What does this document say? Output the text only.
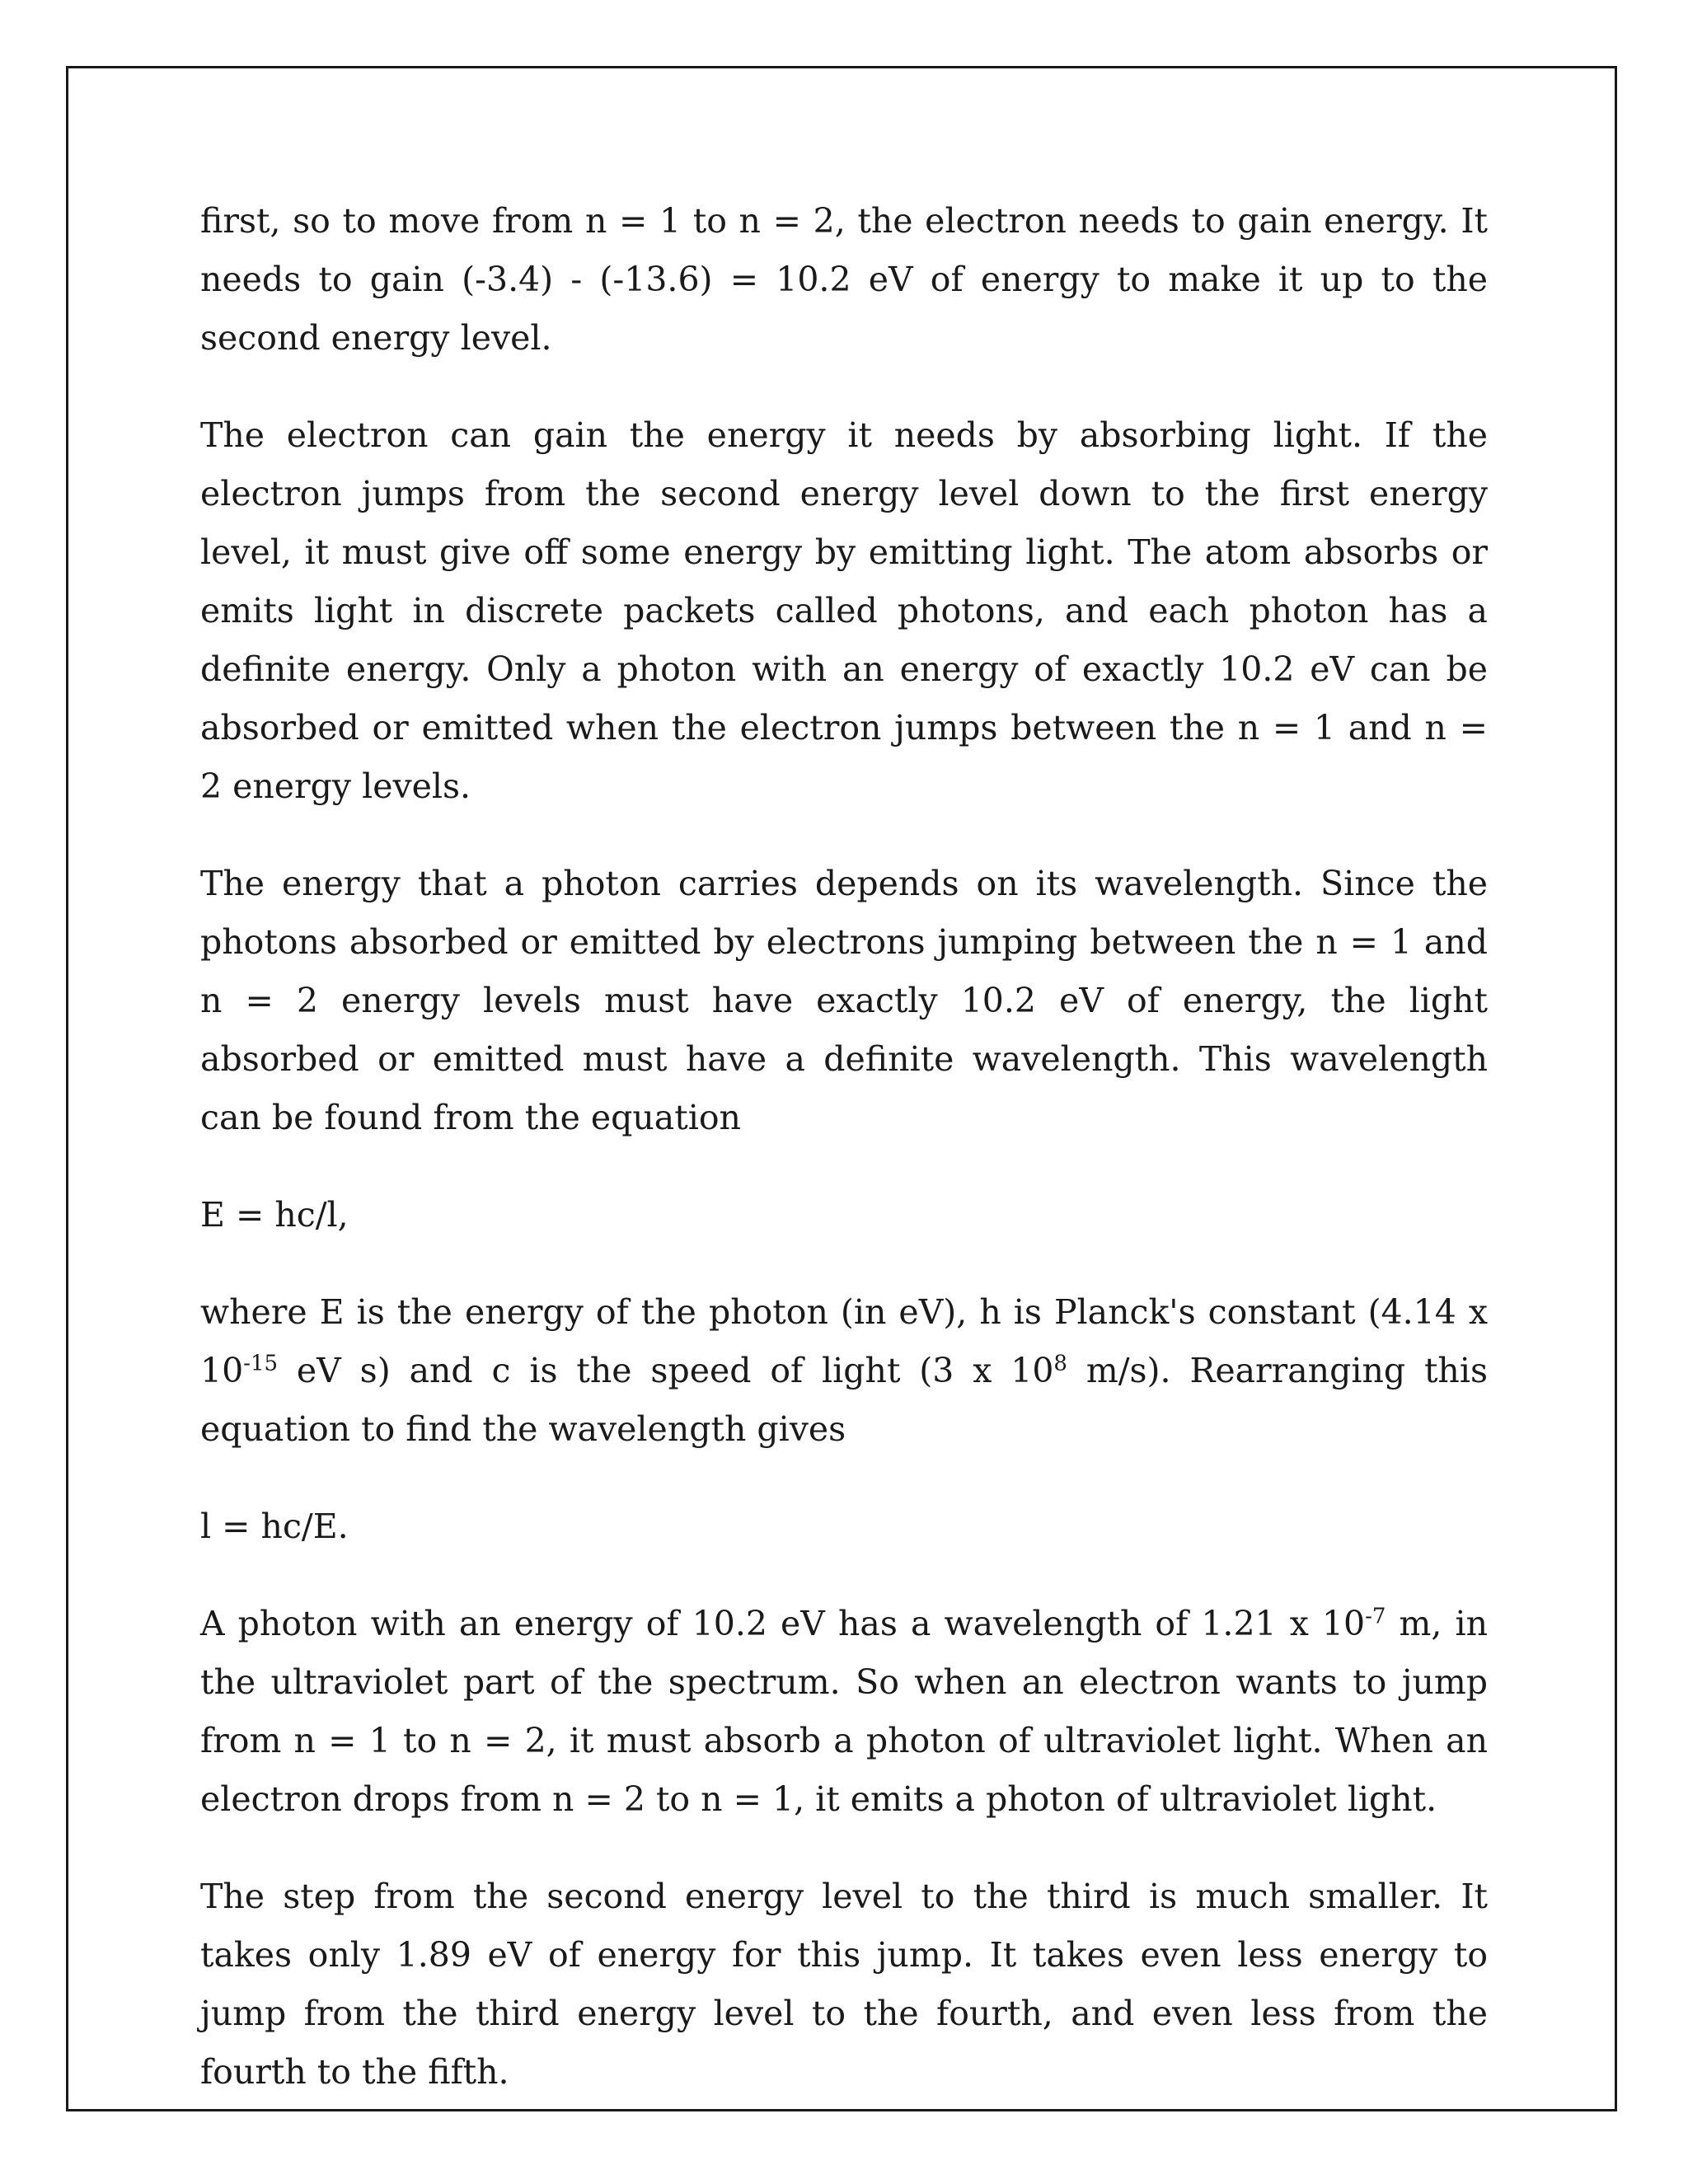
first, so to move from n = 1 to n = 2, the electron needs to gain energy. It needs to gain (-3.4) - (-13.6) = 10.2 eV of energy to make it up to the second energy level.

The electron can gain the energy it needs by absorbing light. If the electron jumps from the second energy level down to the first energy level, it must give off some energy by emitting light. The atom absorbs or emits light in discrete packets called photons, and each photon has a definite energy. Only a photon with an energy of exactly 10.2 eV can be absorbed or emitted when the electron jumps between the n = 1 and n = 2 energy levels.

The energy that a photon carries depends on its wavelength. Since the photons absorbed or emitted by electrons jumping between the n = 1 and n = 2 energy levels must have exactly 10.2 eV of energy, the light absorbed or emitted must have a definite wavelength. This wavelength can be found from the equation

E = hc/l,

where E is the energy of the photon (in eV), h is Planck's constant (4.14 x $10^{-15}$ eV s) and c is the speed of light (3 x $10^8$ m/s). Rearranging this equation to find the wavelength gives

l = hc/E.

A photon with an energy of 10.2 eV has a wavelength of 1.21 x $10^{-7}$ m, in the ultraviolet part of the spectrum. So when an electron wants to jump from n = 1 to n = 2, it must absorb a photon of ultraviolet light. When an electron drops from n = 2 to n = 1, it emits a photon of ultraviolet light.

The step from the second energy level to the third is much smaller. It takes only 1.89 eV of energy for this jump. It takes even less energy to jump from the third energy level to the fourth, and even less from the fourth to the fifth.
